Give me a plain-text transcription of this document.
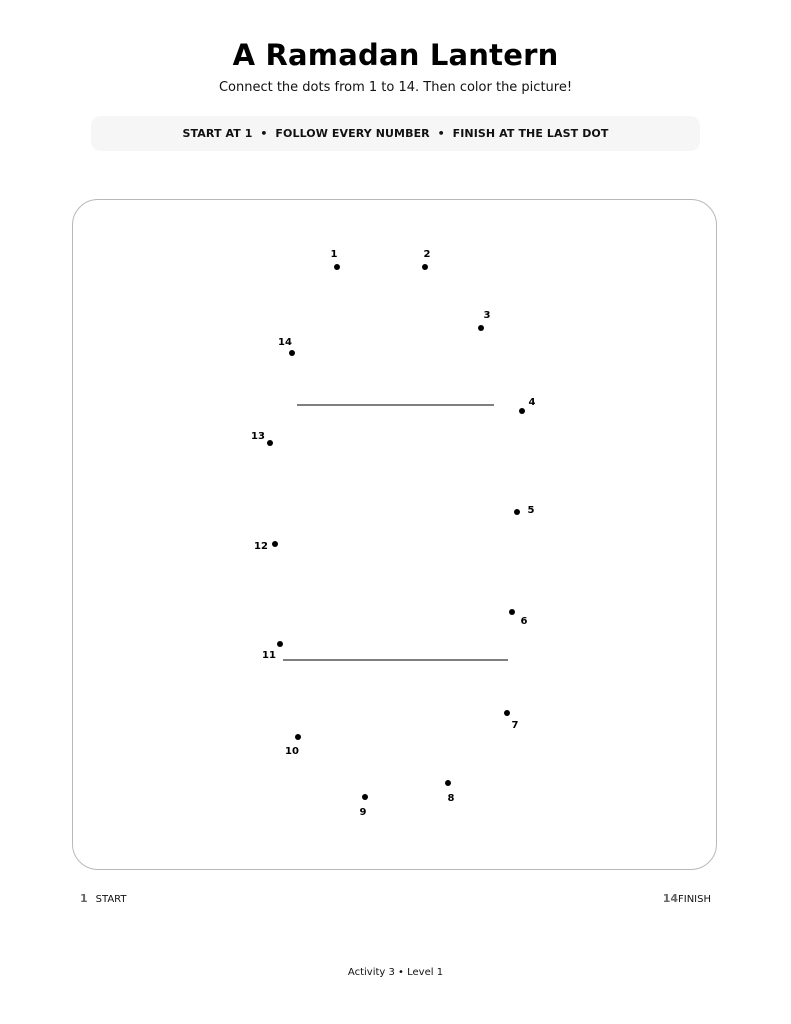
A Ramadan Lantern
Connect the dots from 1 to 14. Then color the picture!
START AT 1  •  FOLLOW EVERY NUMBER  •  FINISH AT THE LAST DOT
1	2
3
4
5
6
7
8
9
10
11
12
13
14
1 START	14 FINISH
Activity 3 • Level 1
